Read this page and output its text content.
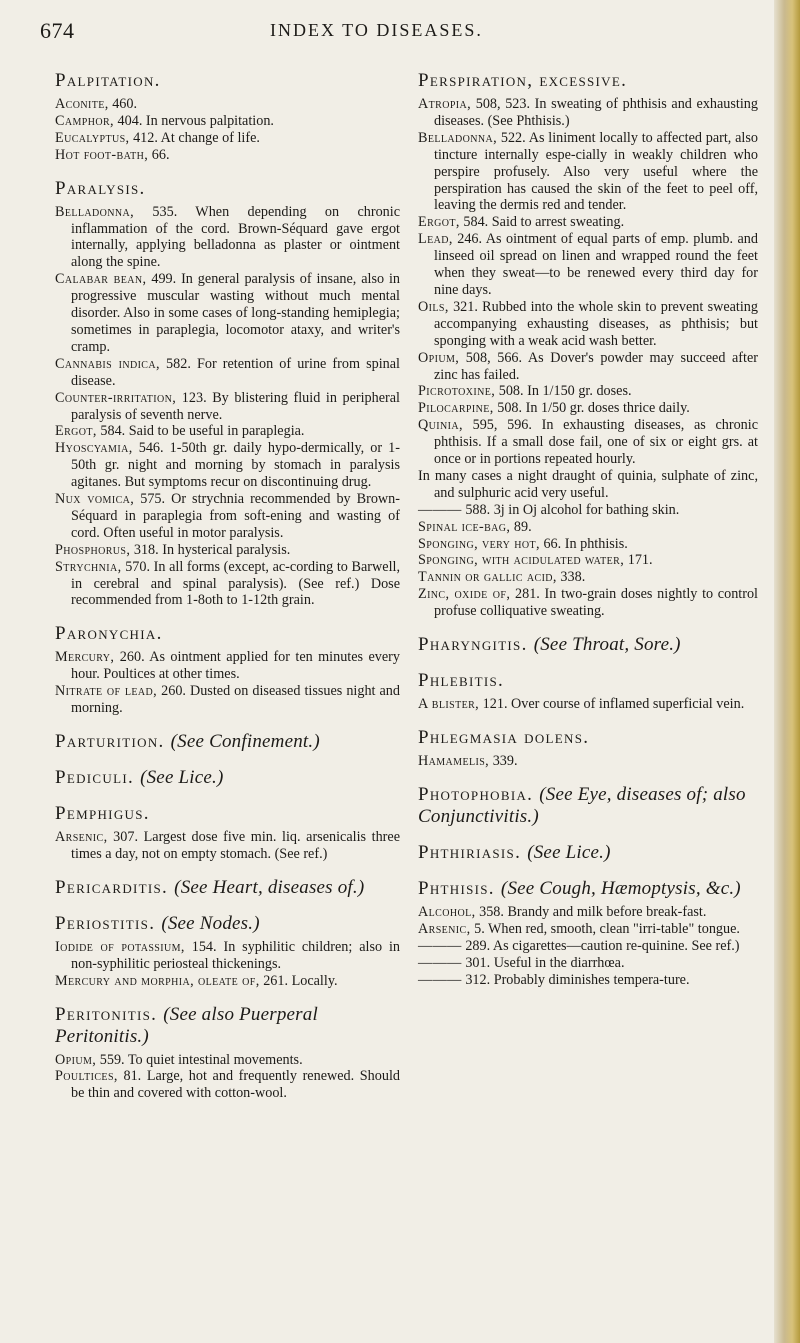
674	INDEX TO DISEASES.
Palpitation.

Aconite, 460.

Camphor, 404. In nervous palpitation.

Eucalyptus, 412. At change of life.

Hot foot-bath, 66.

Paralysis.

Belladonna, 535. When depending on chronic inflammation of the cord. Brown-Séquard gave ergot internally, applying belladonna as plaster or ointment along the spine.

Calabar bean, 499. In general paralysis of insane, also in progressive muscular wasting without much mental disorder. Also in some cases of long-standing hemiplegia; sometimes in paraplegia, locomotor ataxy, and writer's cramp.

Cannabis indica, 582. For retention of urine from spinal disease.

Counter-irritation, 123. By blistering fluid in peripheral paralysis of seventh nerve.

Ergot, 584. Said to be useful in paraplegia.

Hyoscyamia, 546. 1-50th gr. daily hypo-dermically, or 1-50th gr. night and morning by stomach in paralysis agitanes. But symptoms recur on discontinuing drug.

Nux vomica, 575. Or strychnia recommended by Brown-Séquard in paraplegia from soft-ening and wasting of cord. Often useful in motor paralysis.

Phosphorus, 318. In hysterical paralysis.

Strychnia, 570. In all forms (except, ac-cording to Barwell, in cerebral and spinal paralysis). (See ref.) Dose recommended from 1-8oth to 1-12th grain.

Paronychia.

Mercury, 260. As ointment applied for ten minutes every hour. Poultices at other times.

Nitrate of lead, 260. Dusted on diseased tissues night and morning.

Parturition. (See Confinement.)
Pediculi. (See Lice.)
Pemphigus.

Arsenic, 307. Largest dose five min. liq. arsenicalis three times a day, not on empty stomach. (See ref.)

Pericarditis. (See Heart, diseases of.)
Periostitis. (See Nodes.)

Iodide of potassium, 154. In syphilitic children; also in non-syphilitic periosteal thickenings.

Mercury and morphia, oleate of, 261. Locally.

Peritonitis. (See also Puerperal Peritonitis.)

Opium, 559. To quiet intestinal movements.

Poultices, 81. Large, hot and frequently renewed. Should be thin and covered with cotton-wool.

Perspiration, excessive.

Atropia, 508, 523. In sweating of phthisis and exhausting diseases. (See Phthisis.)

Belladonna, 522. As liniment locally to affected part, also tincture internally espe-cially in weakly children who perspire profusely. Also very useful where the perspiration has caused the skin of the feet to peel off, leaving the dermis red and tender.

Ergot, 584. Said to arrest sweating.

Lead, 246. As ointment of equal parts of emp. plumb. and linseed oil spread on linen and wrapped round the feet when they sweat—to be renewed every third day for nine days.

Oils, 321. Rubbed into the whole skin to prevent sweating accompanying exhausting diseases, as phthisis; but sponging with a weak acid wash better.

Opium, 508, 566. As Dover's powder may succeed after zinc has failed.

Picrotoxine, 508. In 1/150 gr. doses.

Pilocarpine, 508. In 1/50 gr. doses thrice daily.

Quinia, 595, 596. In exhausting diseases, as chronic phthisis. If a small dose fail, one of six or eight grs. at once or in portions repeated hourly.

In many cases a night draught of quinia, sulphate of zinc, and sulphuric acid very useful.

——— 588. 3j in Oj alcohol for bathing skin.

Spinal ice-bag, 89.

Sponging, very hot, 66. In phthisis.

Sponging, with acidulated water, 171.

Tannin or gallic acid, 338.

Zinc, oxide of, 281. In two-grain doses nightly to control profuse colliquative sweating.

Pharyngitis. (See Throat, Sore.)
Phlebitis.

A blister, 121. Over course of inflamed superficial vein.

Phlegmasia dolens.

Hamamelis, 339.

Photophobia. (See Eye, diseases of; also Conjunctivitis.)
Phthiriasis. (See Lice.)
Phthisis. (See Cough, Hæmoptysis, &c.)

Alcohol, 358. Brandy and milk before break-fast.

Arsenic, 5. When red, smooth, clean "irri-table" tongue.

——— 289. As cigarettes—caution re-quinine. See ref.)

——— 301. Useful in the diarrhœa.

——— 312. Probably diminishes tempera-ture.
